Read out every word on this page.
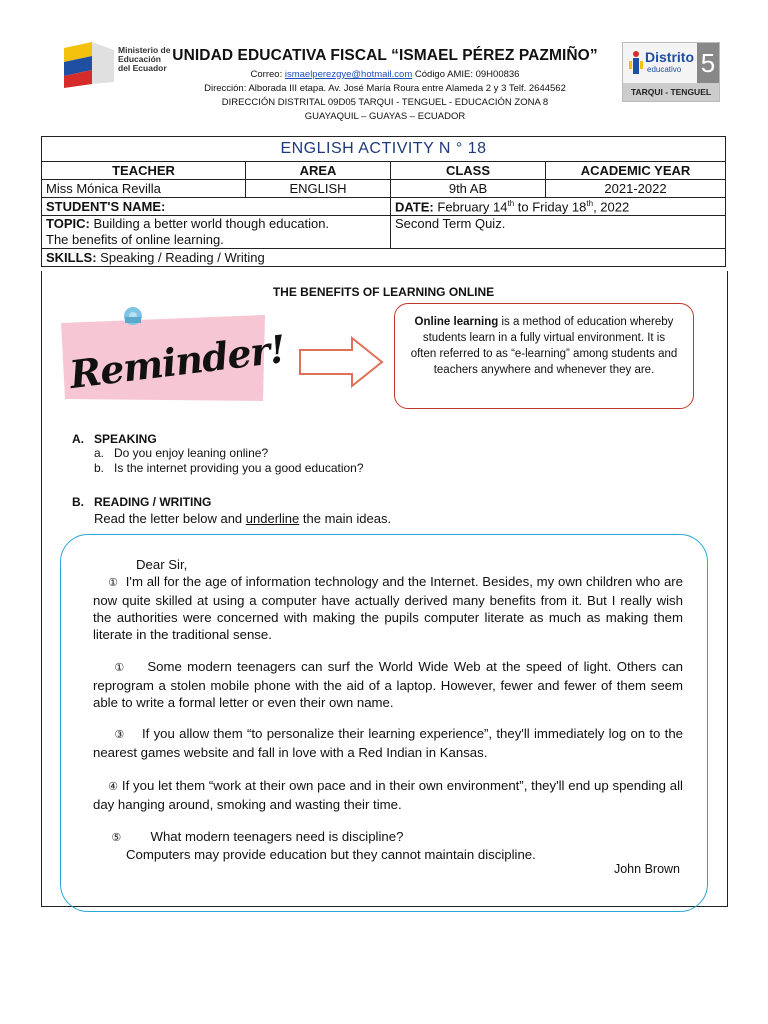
Ministerio de
Educación
del Ecuador
Distrito
educativo 5
TARQUI - TENGUEL
UNIDAD EDUCATIVA FISCAL “ISMAEL PÉREZ PAZMIÑO”
Correo: ismaelperezgye@hotmail.com Código AMIE: 09H00836
Dirección: Alborada III etapa. Av. José María Roura entre Alameda 2 y 3 Telf. 2644562
DIRECCIÓN DISTRITAL 09D05 TARQUI - TENGUEL - EDUCACIÓN ZONA 8
GUAYAQUIL – GUAYAS – ECUADOR
ENGLISH ACTIVITY N ° 18			
TEACHER	AREA	CLASS	ACADEMIC YEAR
Miss Mónica Revilla	ENGLISH	9th AB	2021-2022
STUDENT'S NAME:		DATE: February 14th to Friday 18th, 2022	
TOPIC: Building a better world though education.
The benefits of online learning.		Second Term Quiz.	
SKILLS: Speaking / Reading / Writing			
THE BENEFITS OF LEARNING ONLINE
Reminder!
Online learning is a method of education whereby students learn in a fully virtual environment. It is often referred to as “e-learning” among students and teachers anywhere and whenever they are.
A. SPEAKING
a. Do you enjoy leaning online?
b. Is the internet providing you a good education?
B. READING / WRITING
Read the letter below and underline the main ideas.
Dear Sir,

① I'm all for the age of information technology and the Internet. Besides, my own children who are now quite skilled at using a computer have actually derived many benefits from it. But I really wish the authorities were concerned with making the pupils computer literate as much as making them literate in the traditional sense.

① Some modern teenagers can surf the World Wide Web at the speed of light. Others can reprogram a stolen mobile phone with the aid of a laptop. However, fewer and fewer of them seem able to write a formal letter or even their own name.

③ If you allow them “to personalize their learning experience”, they'll immediately log on to the nearest games website and fall in love with a Red Indian in Kansas.

④ If you let them “work at their own pace and in their own environment”, they'll end up spending all day hanging around, smoking and wasting their time.

⑤ What modern teenagers need is discipline?

Computers may provide education but they cannot maintain discipline.
John Brown
